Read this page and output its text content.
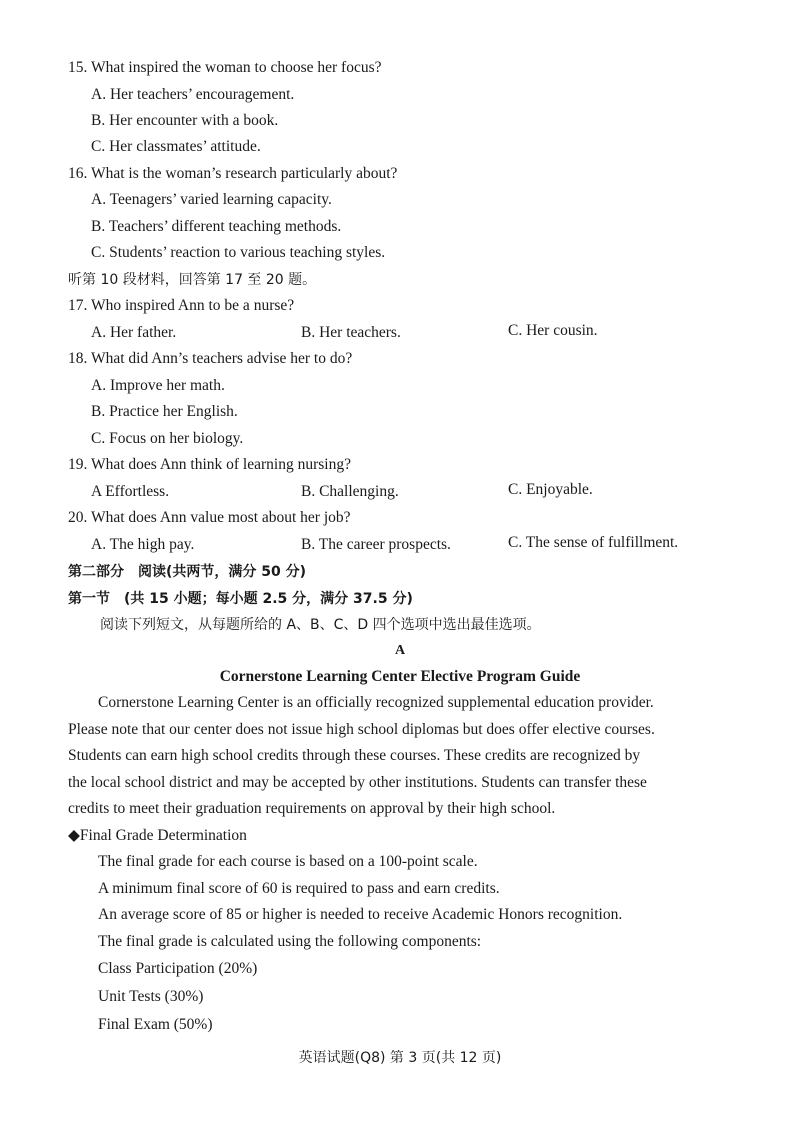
15. What inspired the woman to choose her focus?
A. Her teachers’ encouragement.
B. Her encounter with a book.
C. Her classmates’ attitude.
16. What is the woman’s research particularly about?
A. Teenagers’ varied learning capacity.
B. Teachers’ different teaching methods.
C. Students’ reaction to various teaching styles.
听第 10 段材料，回答第 17 至 20 题。
17. Who inspired Ann to be a nurse?
A. Her father.	B. Her teachers.	C. Her cousin.
18. What did Ann’s teachers advise her to do?
A. Improve her math.
B. Practice her English.
C. Focus on her biology.
19. What does Ann think of learning nursing?
A Effortless.	B. Challenging.	C. Enjoyable.
20. What does Ann value most about her job?
A. The high pay.	B. The career prospects.	C. The sense of fulfillment.
第二部分　阅读(共两节，满分 50 分)
第一节　(共 15 小题；每小题 2.5 分，满分 37.5 分)
阅读下列短文，从每题所给的 A、B、C、D 四个选项中选出最佳选项。
A
Cornerstone Learning Center Elective Program Guide
Cornerstone Learning Center is an officially recognized supplemental education provider.
Please note that our center does not issue high school diplomas but does offer elective courses.
Students can earn high school credits through these courses. These credits are recognized by
the local school district and may be accepted by other institutions. Students can transfer these
credits to meet their graduation requirements on approval by their high school.
◆Final Grade Determination
The final grade for each course is based on a 100-point scale.
A minimum final score of 60 is required to pass and earn credits.
An average score of 85 or higher is needed to receive Academic Honors recognition.
The final grade is calculated using the following components:
Class Participation (20%)
Unit Tests (30%)
Final Exam (50%)
英语试题(Q8) 第 3 页(共 12 页)
